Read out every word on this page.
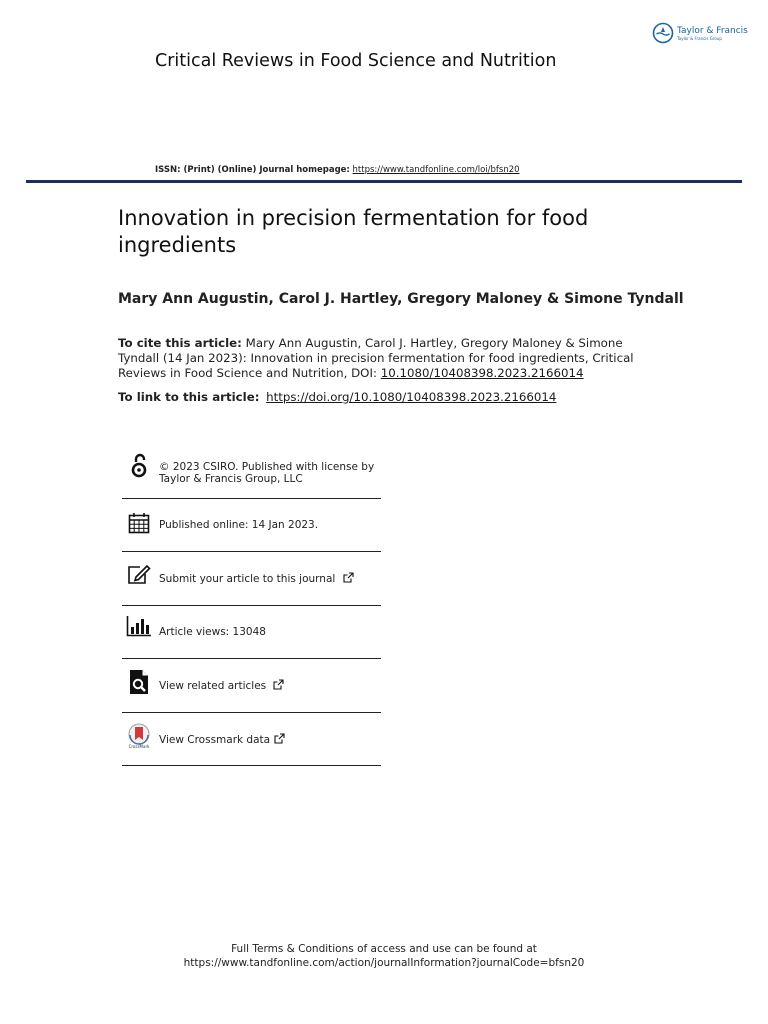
Taylor & Francis
Taylor & Francis Group
Critical Reviews in Food Science and Nutrition
ISSN: (Print) (Online) Journal homepage: https://www.tandfonline.com/loi/bfsn20
Innovation in precision fermentation for food ingredients
Mary Ann Augustin, Carol J. Hartley, Gregory Maloney & Simone Tyndall
To cite this article: Mary Ann Augustin, Carol J. Hartley, Gregory Maloney & Simone Tyndall (14 Jan 2023): Innovation in precision fermentation for food ingredients, Critical Reviews in Food Science and Nutrition, DOI: 10.1080/10408398.2023.2166014
To link to this article: https://doi.org/10.1080/10408398.2023.2166014
© 2023 CSIRO. Published with license by Taylor & Francis Group, LLC
Published online: 14 Jan 2023.
Submit your article to this journal
Article views: 13048
View related articles
CrossMark
View Crossmark data
Full Terms & Conditions of access and use can be found at
https://www.tandfonline.com/action/journalInformation?journalCode=bfsn20
